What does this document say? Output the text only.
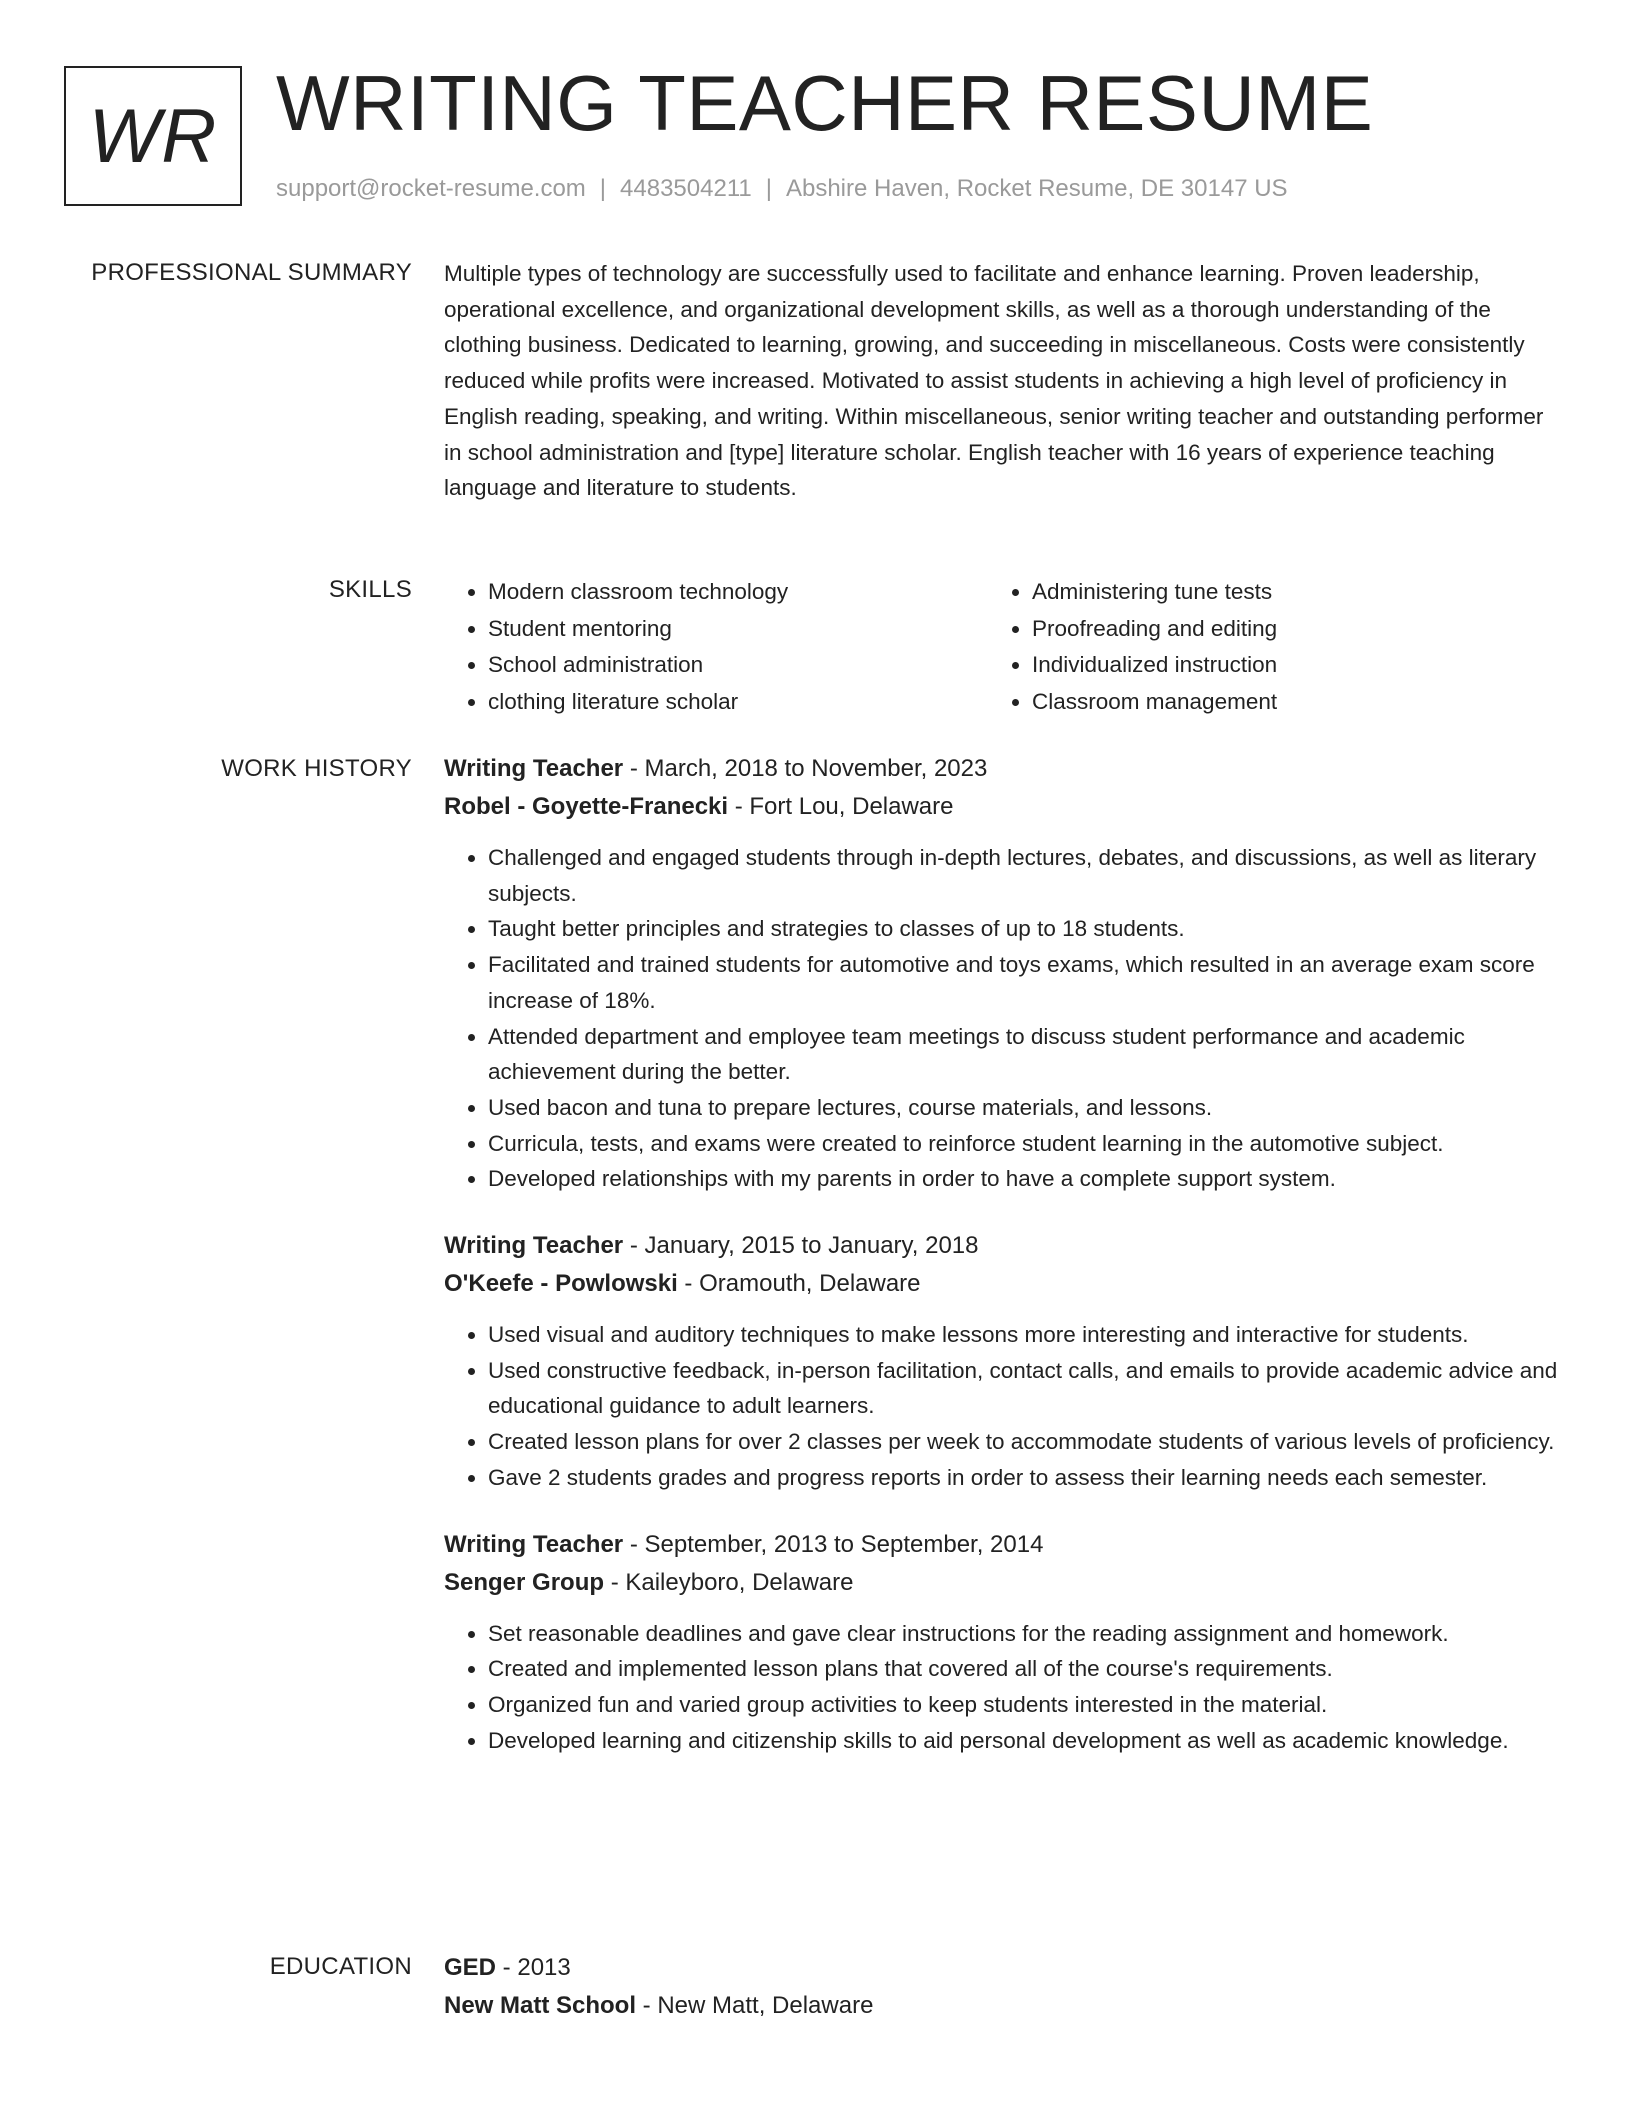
WR WRITING TEACHER RESUME
support@rocket-resume.com | 4483504211 | Abshire Haven, Rocket Resume, DE 30147 US
PROFESSIONAL SUMMARY Multiple types of technology are successfully used to facilitate and enhance learning. Proven leadership, operational excellence, and organizational development skills, as well as a thorough understanding of the clothing business. Dedicated to learning, growing, and succeeding in miscellaneous. Costs were consistently reduced while profits were increased. Motivated to assist students in achieving a high level of proficiency in English reading, speaking, and writing. Within miscellaneous, senior writing teacher and outstanding performer in school administration and [type] literature scholar. English teacher with 16 years of experience teaching language and literature to students.

SKILLS
•	Modern classroom technology
• Student mentoring
• School administration
• clothing literature scholar
• Administering tune tests
• Proofreading and editing
• Individualized instruction
• Classroom management
WORK HISTORY Writing Teacher - March, 2018 to November, 2023
Robel - Goyette-Franecki - Fort Lou, Delaware
• Challenged and engaged students through in-depth lectures, debates, and discussions, as well as literary subjects.
• Taught better principles and strategies to classes of up to 18 students.
• Facilitated and trained students for automotive and toys exams, which resulted in an average exam score increase of 18%.
• Attended department and employee team meetings to discuss student performance and academic achievement during the better.
• Used bacon and tuna to prepare lectures, course materials, and lessons.
• Curricula, tests, and exams were created to reinforce student learning in the automotive subject.
• Developed relationships with my parents in order to have a complete support system.
Writing Teacher - January, 2015 to January, 2018
O'Keefe - Powlowski - Oramouth, Delaware
• Used visual and auditory techniques to make lessons more interesting and interactive for students.
• Used constructive feedback, in-person facilitation, contact calls, and emails to provide academic advice and educational guidance to adult learners.
• Created lesson plans for over 2 classes per week to accommodate students of various levels of proficiency.
• Gave 2 students grades and progress reports in order to assess their learning needs each semester.
Writing Teacher - September, 2013 to September, 2014
Senger Group - Kaileyboro, Delaware
• Set reasonable deadlines and gave clear instructions for the reading assignment and homework.
• Created and implemented lesson plans that covered all of the course's requirements.
• Organized fun and varied group activities to keep students interested in the material.
• Developed learning and citizenship skills to aid personal development as well as academic knowledge.
EDUCATION GED - 2013
New Matt School - New Matt, Delaware
